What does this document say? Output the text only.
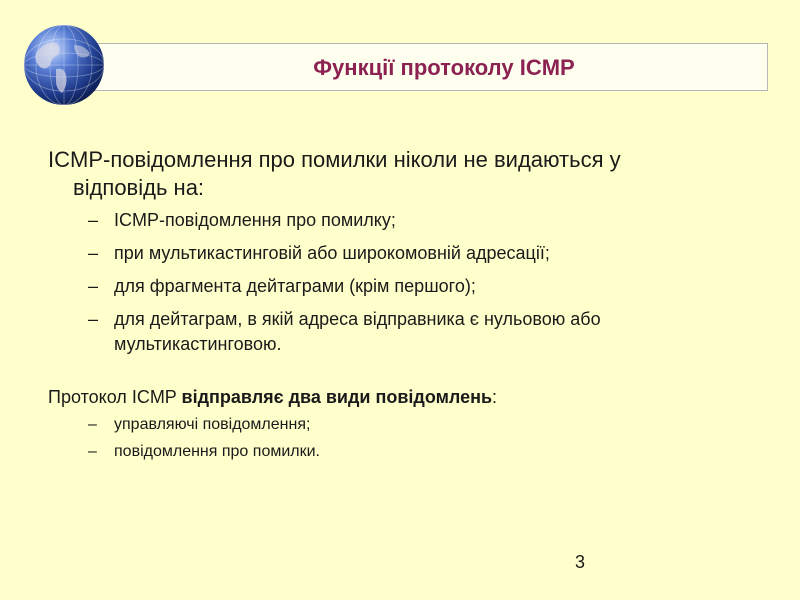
Функції протоколу ICMP

ICMP-повідомлення про помилки ніколи не видаються у
відповідь на:

– ICMP-повідомлення про помилку;
– при мультикастинговій або широкомовній адресації;
– для фрагмента дейтаграми (крім першого);
– для дейтаграм, в якій адреса відправника є нульовою або мультикастинговою.
Протокол ICMP відправляє два види повідомлень:
– управляючі повідомлення;
– повідомлення про помилки.
3
